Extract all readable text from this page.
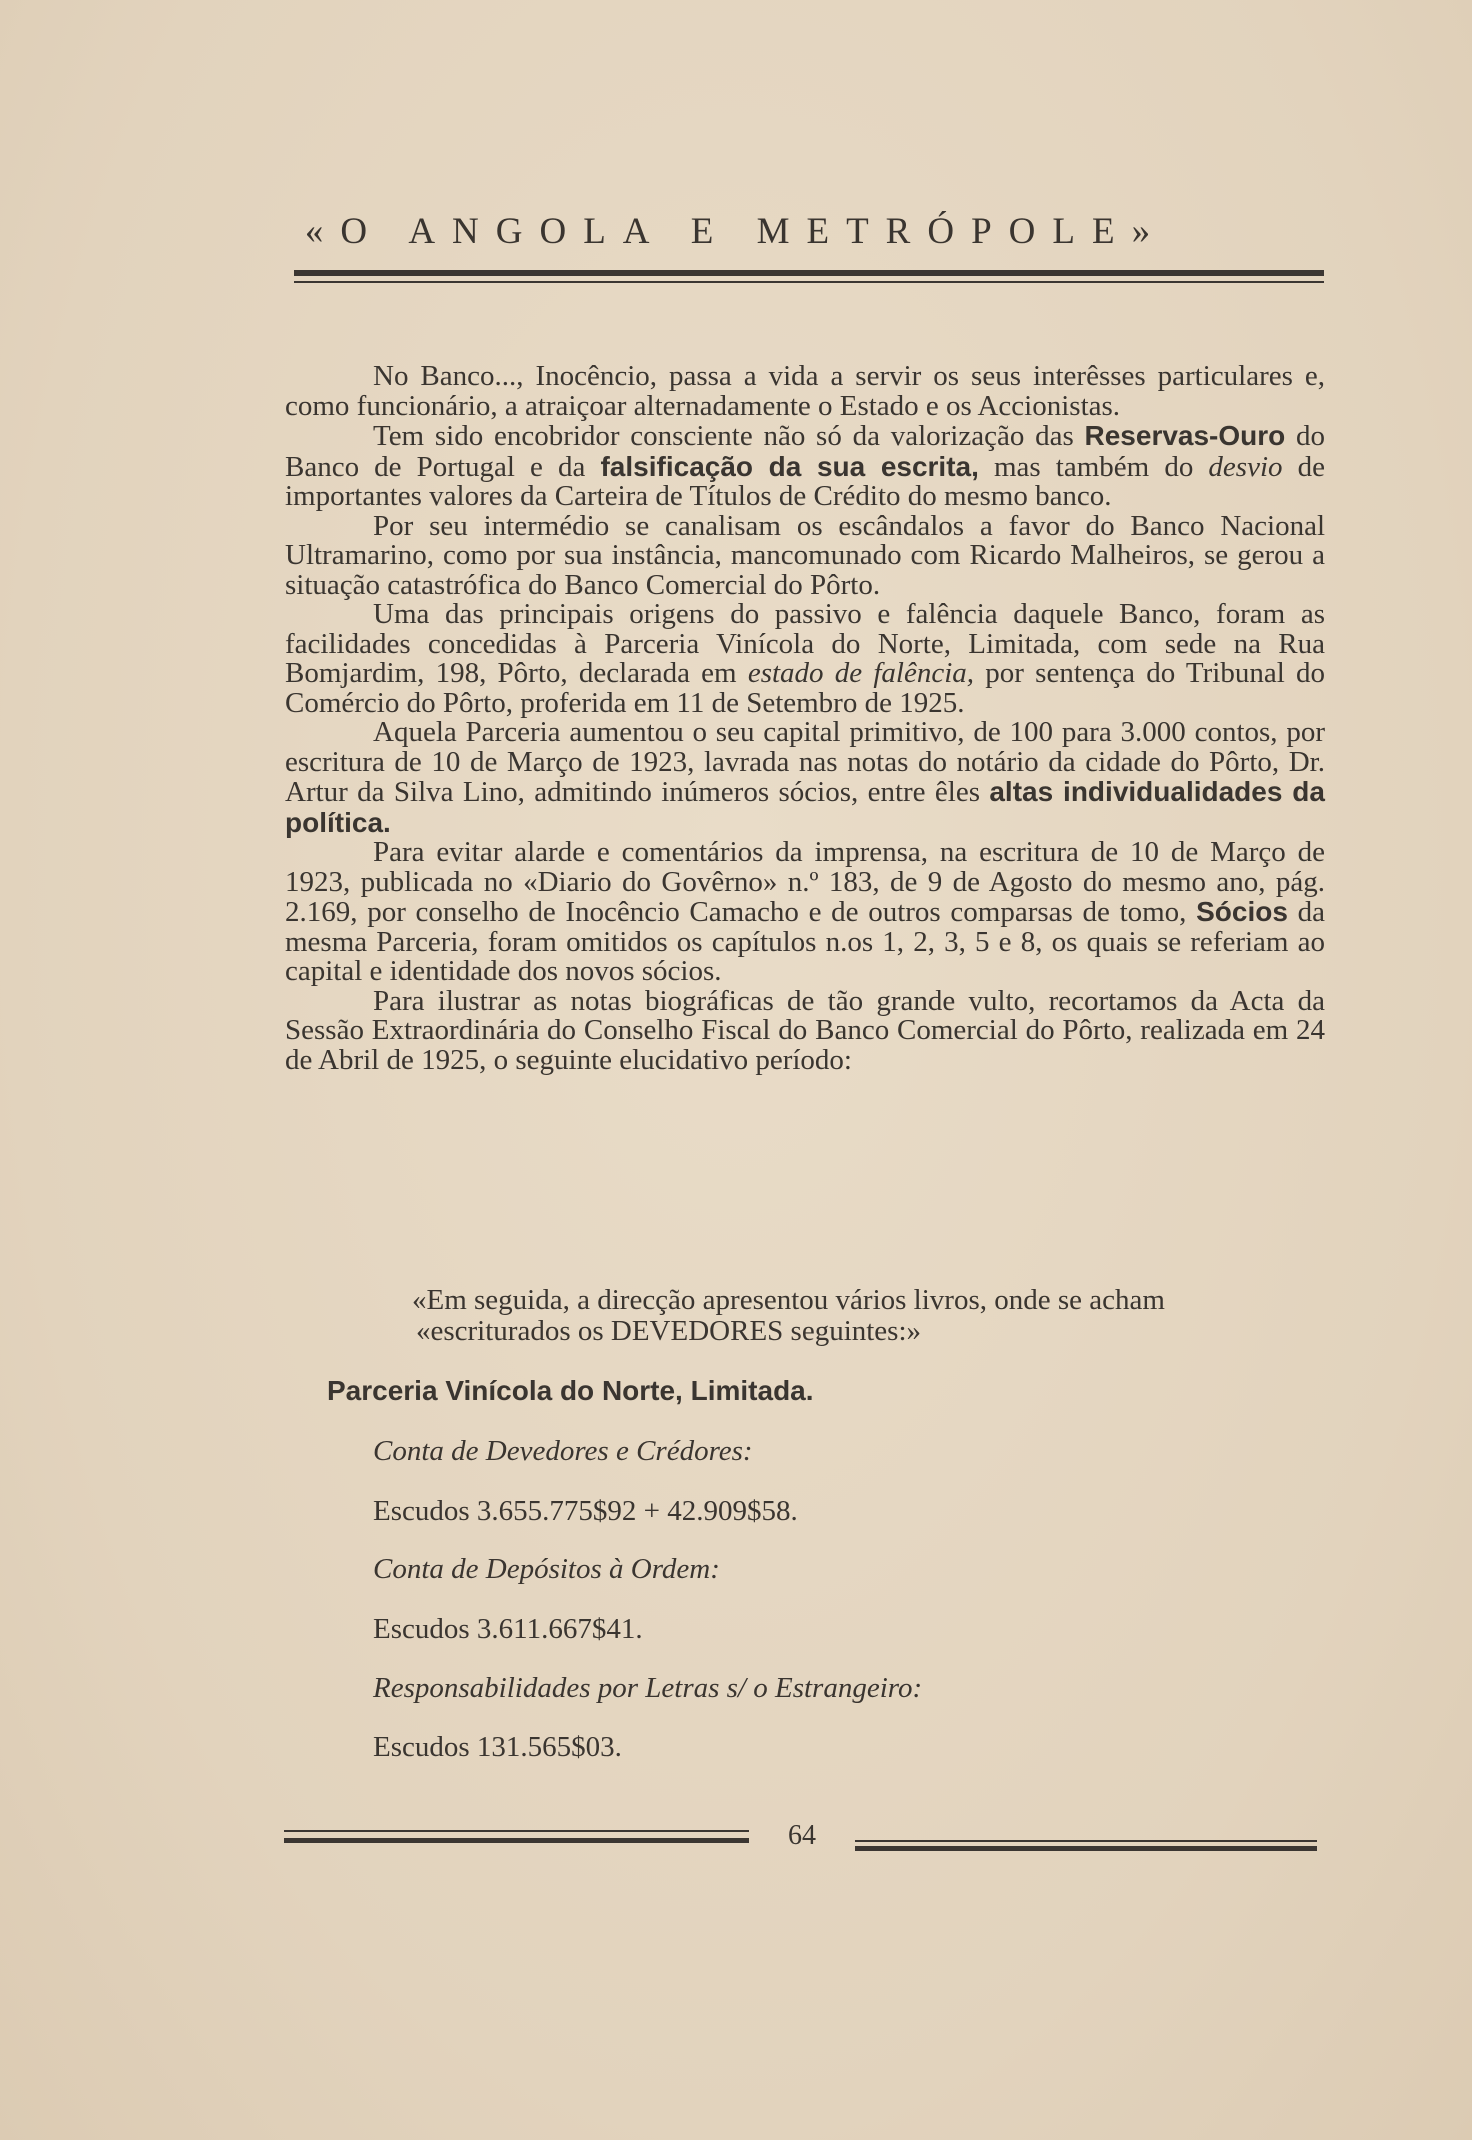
«O ANGOLA E METRÓPOLE»

No Banco..., Inocêncio, passa a vida a servir os seus interêsses particulares e, como funcionário, a atraiçoar alternadamente o Estado e os Accionistas.

Tem sido encobridor consciente não só da valorização das Reservas-Ouro do Banco de Portugal e da falsificação da sua escrita, mas também do desvio de importantes valores da Carteira de Títulos de Crédito do mesmo banco.

Por seu intermédio se canalisam os escândalos a favor do Banco Nacional Ultramarino, como por sua instância, mancomunado com Ricardo Malheiros, se gerou a situação catastrófica do Banco Comercial do Pôrto.

Uma das principais origens do passivo e falência daquele Banco, foram as facilidades concedidas à Parceria Vinícola do Norte, Limitada, com sede na Rua Bomjardim, 198, Pôrto, declarada em estado de falência, por sentença do Tribunal do Comércio do Pôrto, proferida em 11 de Setembro de 1925.

Aquela Parceria aumentou o seu capital primitivo, de 100 para 3.000 contos, por escritura de 10 de Março de 1923, lavrada nas notas do notário da cidade do Pôrto, Dr. Artur da Silva Lino, admitindo inúmeros sócios, entre êles altas individualidades da política.

Para evitar alarde e comentários da imprensa, na escritura de 10 de Março de 1923, publicada no «Diario do Govêrno» n.º 183, de 9 de Agosto do mesmo ano, pág. 2.169, por conselho de Inocêncio Camacho e de outros comparsas de tomo, Sócios da mesma Parceria, foram omitidos os capítulos n.os 1, 2, 3, 5 e 8, os quais se referiam ao capital e identidade dos novos sócios.

Para ilustrar as notas biográficas de tão grande vulto, recortamos da Acta da Sessão Extraordinária do Conselho Fiscal do Banco Comercial do Pôrto, realizada em 24 de Abril de 1925, o seguinte elucidativo período:

«Em seguida, a direcção apresentou vários livros, onde se acham
«escriturados os DEVEDORES seguintes:»
Parceria Vinícola do Norte, Limitada.
Conta de Devedores e Crédores:
Escudos 3.655.775$92 + 42.909$58.
Conta de Depósitos à Ordem:
Escudos 3.611.667$41.
Responsabilidades por Letras s/ o Estrangeiro:
Escudos 131.565$03.
64
